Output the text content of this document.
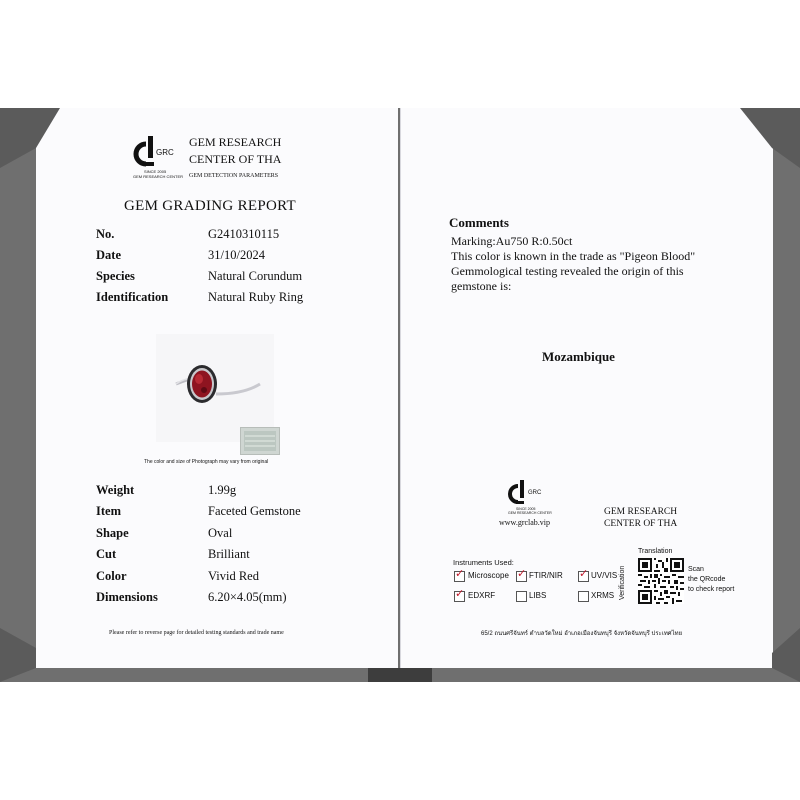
GRC
SINCE 2005
GEM RESEARCH CENTER
GEM RESEARCH
CENTER OF THA
GEM DETECTION PARAMETERS
GEM GRADING REPORT
No.	G2410310115
Date	31/10/2024
Species	Natural Corundum
Identification	Natural Ruby Ring
The color and size of Photograph may vary from original
Weight	1.99g
Item	Faceted Gemstone
Shape	Oval
Cut	Brilliant
Color	Vivid Red
Dimensions	6.20×4.05(mm)
Please refer to reverse page for detailed testing standards and trade name
Comments
Marking:Au750 R:0.50ct
This color is known in the trade as "Pigeon Blood"
Gemmological testing revealed the origin of this
gemstone is:
Mozambique
GRC
SINCE 2005
GEM RESEARCH CENTER
www.grclab.vip
GEM RESEARCH
CENTER OF THA
Instruments Used:
✓ Microscope ✓ FTIR/NIR ✓ UV/VIS
✓ EDXRF	LIBS	XRMS
Translation
Verification	Scan
the QRcode
to check report
65/2 ถนนศรีจันทร์ ตำบลวัดใหม่ อำเภอเมืองจันทบุรี จังหวัดจันทบุรี ประเทศไทย
